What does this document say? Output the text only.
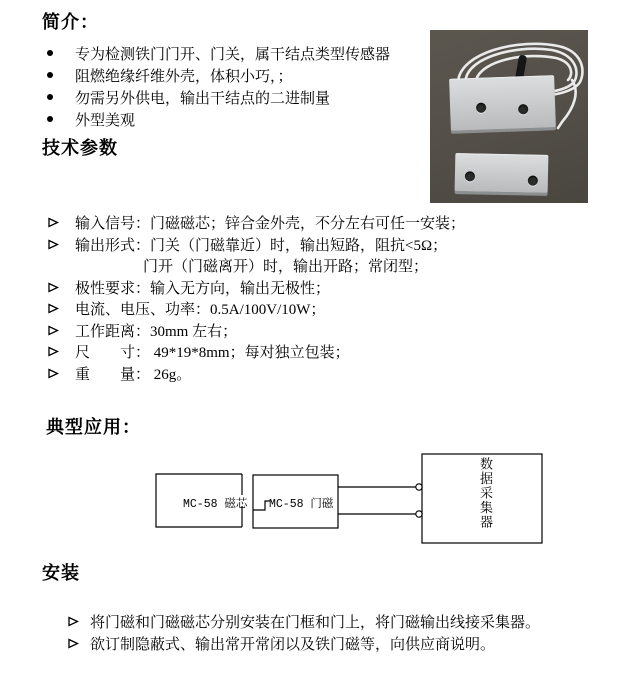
简介：
专为检测铁门门开、门关，属干结点类型传感器
阻燃绝缘纤维外壳，体积小巧，；
勿需另外供电，输出干结点的二进制量
外型美观
技术参数
输入信号：门磁磁芯；锌合金外壳，不分左右可任一安装；
输出形式：门关（门磁靠近）时，输出短路，阻抗<5Ω；
门开（门磁离开）时，输出开路；常闭型；
极性要求：输入无方向，输出无极性；
电流、电压、功率：0.5A/100V/10W；
工作距离：30mm 左右；
尺　　寸： 49*19*8mm；每对独立包装；
重　　量： 26g。
典型应用：
MC-58 磁芯 MC-58 门磁	数据采集器
安装
将门磁和门磁磁芯分别安装在门框和门上，将门磁输出线接采集器。
欲订制隐蔽式、输出常开常闭以及铁门磁等，向供应商说明。
